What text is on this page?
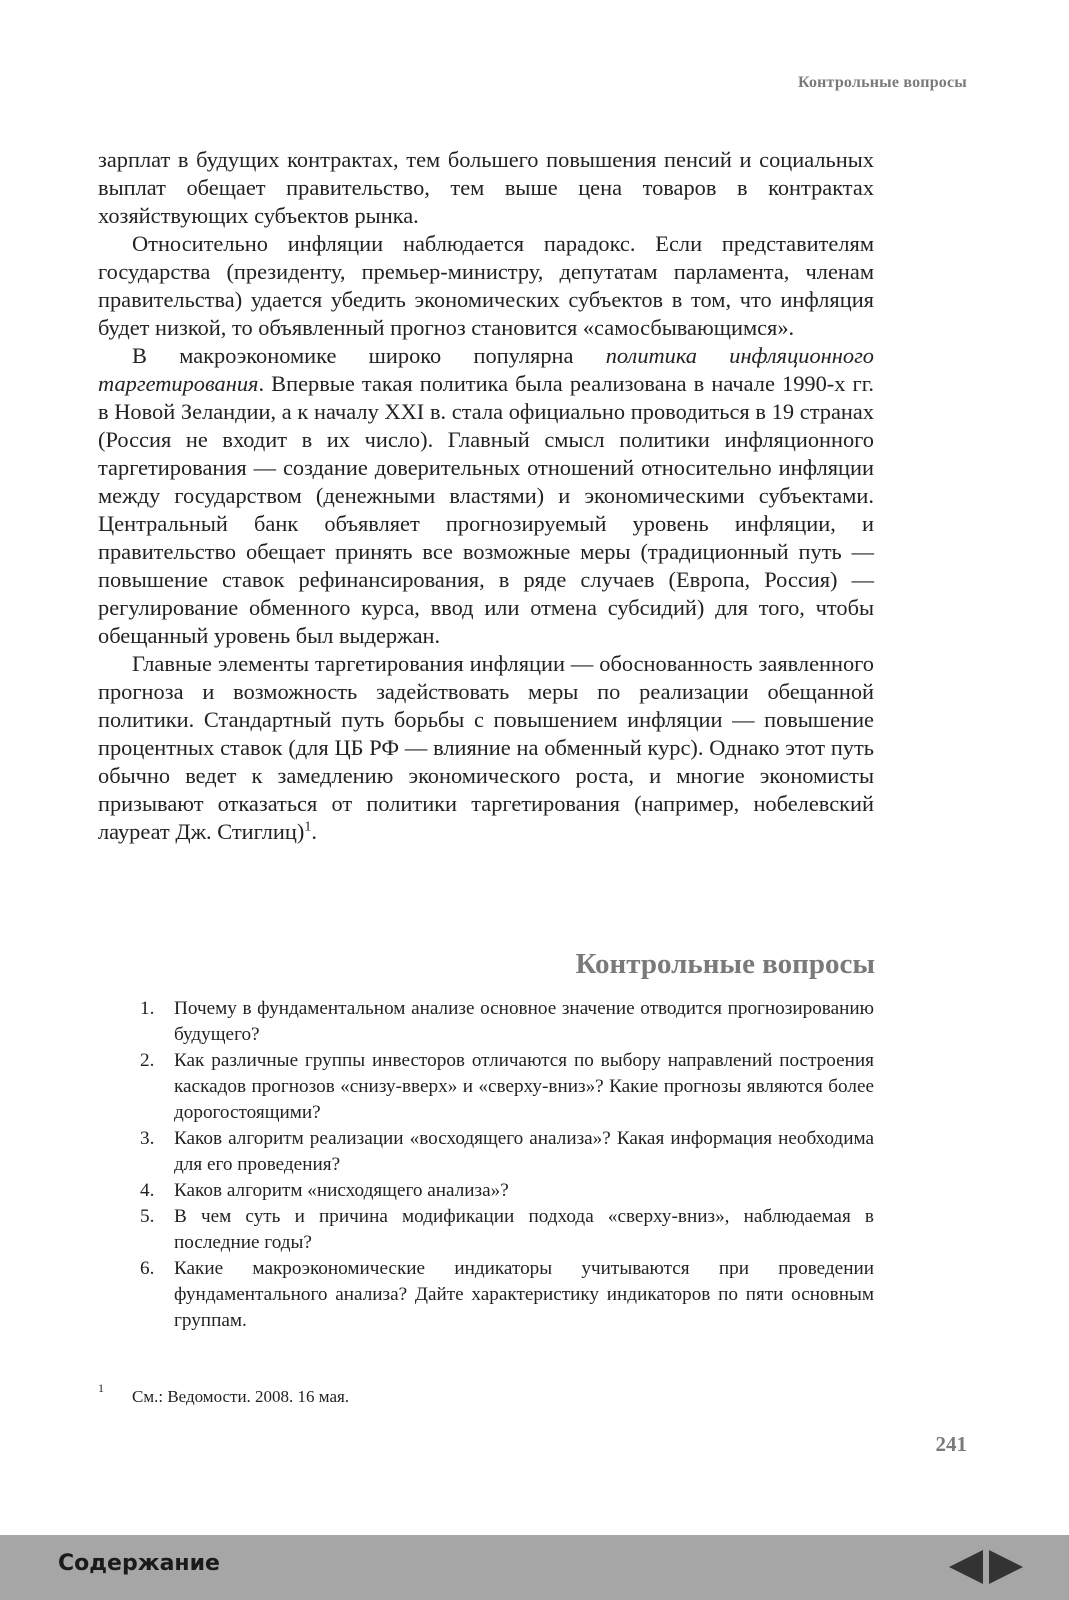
Контрольные вопросы

зарплат в будущих контрактах, тем большего повышения пенсий и социальных выплат обещает правительство, тем выше цена товаров в контрактах хозяйствующих субъектов рынка.

Относительно инфляции наблюдается парадокс. Если представителям государства (президенту, премьер-министру, депутатам парламента, членам правительства) удается убедить экономических субъектов в том, что инфляция будет низкой, то объявленный прогноз становится «самосбывающимся».

В макроэкономике широко популярна политика инфляционного таргетирования. Впервые такая политика была реализована в начале 1990-х гг. в Новой Зеландии, а к началу XXI в. стала официально проводиться в 19 странах (Россия не входит в их число). Главный смысл политики инфляционного таргетирования — создание доверительных отношений относительно инфляции между государством (денежными властями) и экономическими субъектами. Центральный банк объявляет прогнозируемый уровень инфляции, и правительство обещает принять все возможные меры (традиционный путь — повышение ставок рефинансирования, в ряде случаев (Европа, Россия) — регулирование обменного курса, ввод или отмена субсидий) для того, чтобы обещанный уровень был выдержан.

Главные элементы таргетирования инфляции — обоснованность заявленного прогноза и возможность задействовать меры по реализации обещанной политики. Стандартный путь борьбы с повышением инфляции — повышение процентных ставок (для ЦБ РФ — влияние на обменный курс). Однако этот путь обычно ведет к замедлению экономического роста, и многие экономисты призывают отказаться от политики таргетирования (например, нобелевский лауреат Дж. Стиглиц)$^1$.

Контрольные вопросы
1.	Почему в фундаментальном анализе основное значение отводится прогнозированию будущего?
2.	Как различные группы инвесторов отличаются по выбору направлений построения каскадов прогнозов «снизу-вверх» и «сверху-вниз»? Какие прогнозы являются более дорогостоящими?
3.	Каков алгоритм реализации «восходящего анализа»? Какая информация необходима для его проведения?
4.	Каков алгоритм «нисходящего анализа»?
5.	В чем суть и причина модификации подхода «сверху-вниз», наблюдаемая в последние годы?
6.	Какие макроэкономические индикаторы учитываются при проведении фундаментального анализа? Дайте характеристику индикаторов по пяти основным группам.
1	См.: Ведомости. 2008. 16 мая.
241
Содержание
